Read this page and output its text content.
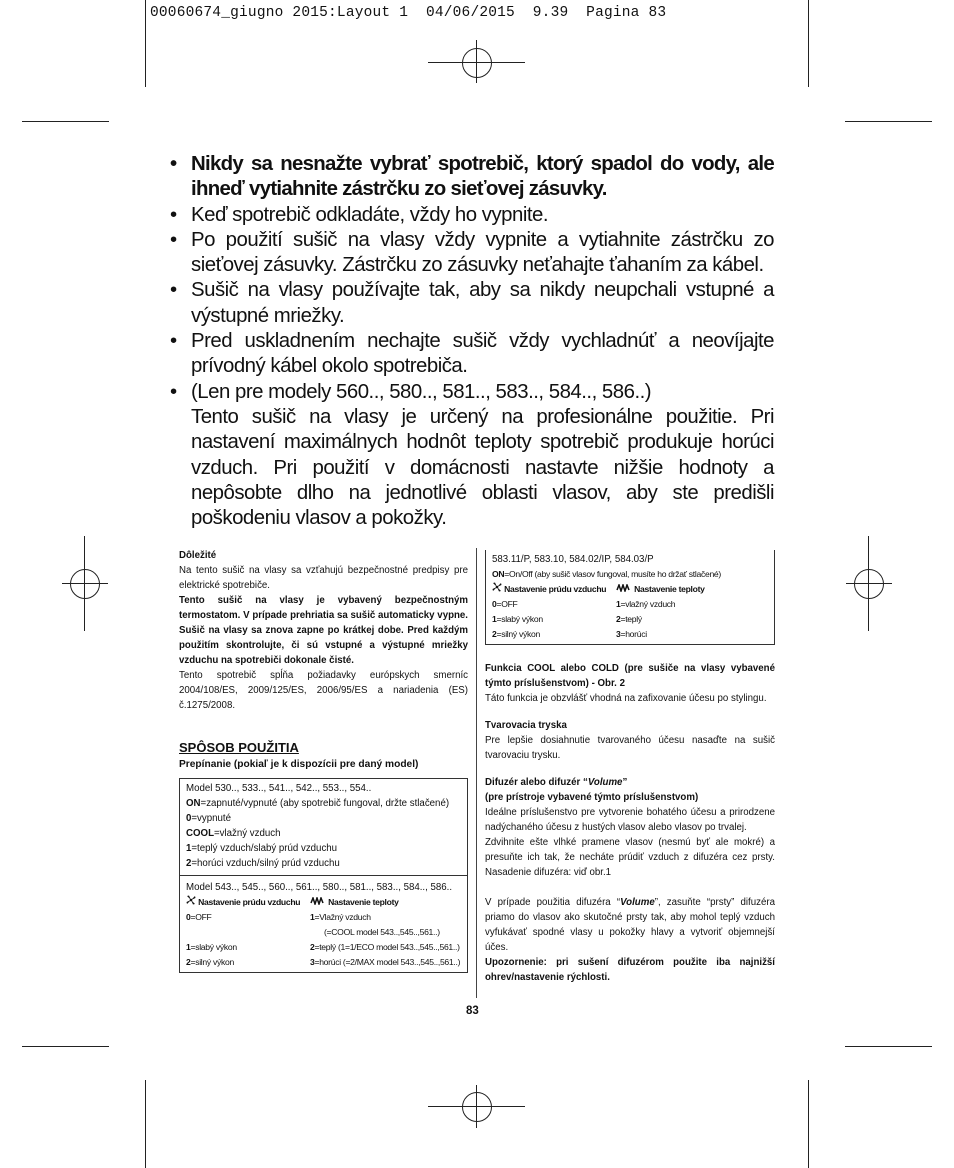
00060674_giugno 2015:Layout 1  04/06/2015  9.39  Pagina 83

• Nikdy sa nesnažte vybrať spotrebič, ktorý spadol do vody, ale ihneď vytiahnite zástrčku zo sieťovej zásuvky.

• Keď spotrebič odkladáte, vždy ho vypnite.

• Po použití sušič na vlasy vždy vypnite a vytiahnite zástrčku zo sieťovej zásuvky. Zástrčku zo zásuvky neťahajte ťahaním za kábel.

• Sušič na vlasy používajte tak, aby sa nikdy neupchali vstupné a výstupné mriežky.

• Pred uskladnením nechajte sušič vždy vychladnúť a neovíjajte prívodný kábel okolo spotrebiča.

• (Len pre modely 560.., 580.., 581.., 583.., 584.., 586..)

Tento sušič na vlasy je určený na profesionálne použitie. Pri nastavení maximálnych hodnôt teploty spotrebič produkuje horúci vzduch. Pri použití v domácnosti nastavte nižšie hodnoty a nepôsobte dlho na jednotlivé oblasti vlasov, aby ste predišli poškodeniu vlasov a pokožky.

Dôležité

Na tento sušič na vlasy sa vzťahujú bezpečnostné predpisy pre elektrické spotrebiče.

Tento sušič na vlasy je vybavený bezpečnostným termostatom. V prípade prehriatia sa sušič automaticky vypne. Sušič na vlasy sa znova zapne po krátkej dobe. Pred každým použitím skontrolujte, či sú vstupné a výstupné mriežky vzduchu na spotrebiči dokonale čisté.

Tento spotrebič spĺňa požiadavky európskych smerníc 2004/108/ES, 2009/125/ES, 2006/95/ES a nariadenia (ES) č.1275/2008.

SPÔSOB POUŽITIA

Prepínanie (pokiaľ je k dispozícii pre daný model)

Model 530.., 533.., 541.., 542.., 553.., 554..
ON=zapnuté/vypnuté (aby spotrebič fungoval, držte stlačené)
0=vypnuté
COOL=vlažný vzduch
1=teplý vzduch/slabý prúd vzduchu
2=horúci vzduch/silný prúd vzduchu
Model 543.., 545.., 560.., 561.., 580.., 581.., 583.., 584.., 586..
Nastavenie prúdu vzduchu	Nastavenie teploty
0=OFF	1=Vlažný vzduch
(=COOL model 543..,545..,561..)
1=slabý výkon	2=teplý (1=1/ECO model 543..,545..,561..)
2=silný výkon	3=horúci (=2/MAX model 543..,545..,561..)
583.11/P, 583.10, 584.02/IP, 584.03/P
ON=On/Off (aby sušič vlasov fungoval, musíte ho držať stlačené)
Nastavenie prúdu vzduchu	Nastavenie teploty
0=OFF	1=vlažný vzduch
1=slabý výkon	2=teplý
2=silný výkon	3=horúci

Funkcia COOL alebo COLD (pre sušiče na vlasy vybavené týmto príslušenstvom) - Obr. 2

Táto funkcia je obzvlášť vhodná na zafixovanie účesu po stylingu.

Tvarovacia tryska

Pre lepšie dosiahnutie tvarovaného účesu nasaďte na sušič tvarovaciu trysku.

Difuzér alebo difuzér “Volume”

(pre prístroje vybavené týmto príslušenstvom)

Ideálne príslušenstvo pre vytvorenie bohatého účesu a prirodzene nadýchaného účesu z hustých vlasov alebo vlasov po trvalej.

Zdvihnite ešte vlhké pramene vlasov (nesmú byť ale mokré) a presuňte ich tak, že necháte prúdiť vzduch z difuzéra cez prsty. Nasadenie difuzéra: viď obr.1

V prípade použitia difuzéra “Volume”, zasuňte “prsty” difuzéra priamo do vlasov ako skutočné prsty tak, aby mohol teplý vzduch vyfukávať spodné vlasy u pokožky hlavy a vytvoriť objemnejší účes.

Upozornenie: pri sušení difuzérom použite iba najnižší ohrev/nastavenie rýchlosti.

83
